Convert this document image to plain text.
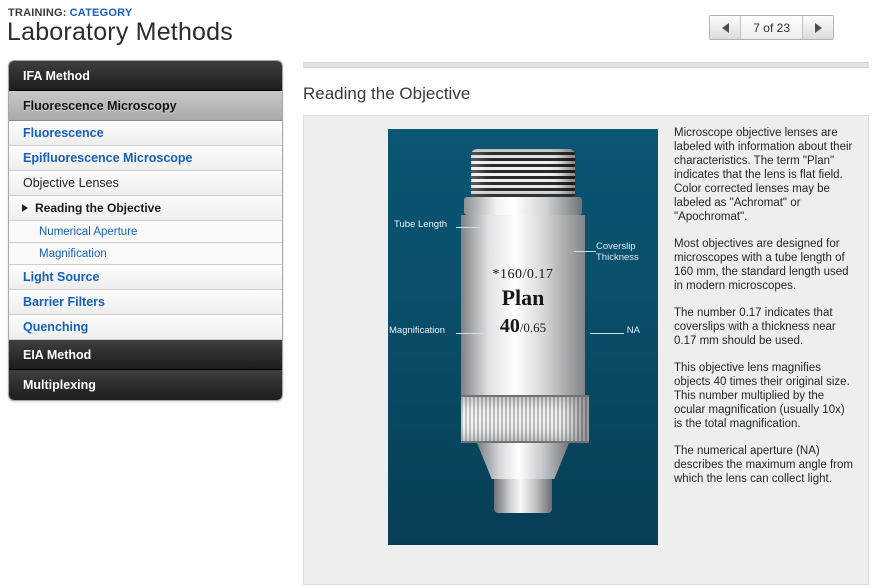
TRAINING: CATEGORY
Laboratory Methods	7 of 23
IFA Method
Fluorescence Microscopy
Fluorescence
Epifluorescence Microscope
Objective Lenses
Reading the Objective
Numerical Aperture
Magnification
Light Source
Barrier Filters
Quenching
EIA Method
Multiplexing
Reading the Objective
*160/0.17
Plan
40/0.65
Tube Length
Magnification
Coverslip Thickness
NA

Microscope objective lenses are labeled with information about their characteristics. The term "Plan" indicates that the lens is flat field. Color corrected lenses may be labeled as "Achromat" or "Apochromat".

Most objectives are designed for microscopes with a tube length of 160 mm, the standard length used in modern microscopes.

The number 0.17 indicates that coverslips with a thickness near 0.17 mm should be used.

This objective lens magnifies objects 40 times their original size. This number multiplied by the ocular magnification (usually 10x) is the total magnification.

The numerical aperture (NA) describes the maximum angle from which the lens can collect light.
